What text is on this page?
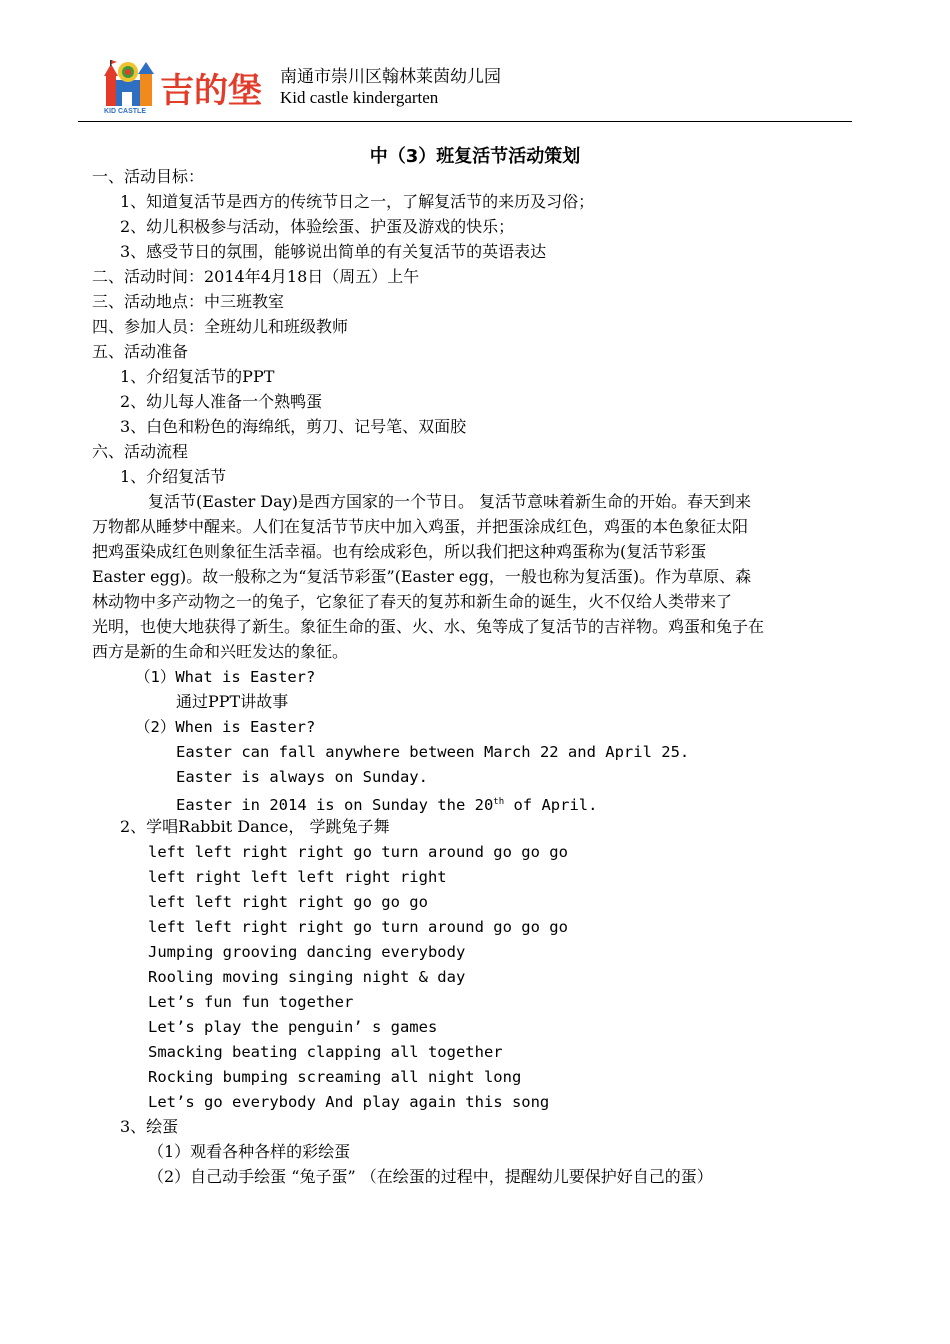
KID CASTLE
吉的堡 南通市崇川区翰林莱茵幼儿园
Kid castle kindergarten
中（3）班复活节活动策划
一、活动目标：
1、知道复活节是西方的传统节日之一，了解复活节的来历及习俗；
2、幼儿积极参与活动，体验绘蛋、护蛋及游戏的快乐；
3、感受节日的氛围，能够说出简单的有关复活节的英语表达
二、活动时间：2014年4月18日（周五）上午
三、活动地点：中三班教室
四、参加人员：全班幼儿和班级教师
五、活动准备
1、介绍复活节的PPT
2、幼儿每人准备一个熟鸭蛋
3、白色和粉色的海绵纸，剪刀、记号笔、双面胶
六、活动流程
1、介绍复活节
复活节(Easter Day)是西方国家的一个节日。 复活节意味着新生命的开始。春天到来
万物都从睡梦中醒来。人们在复活节节庆中加入鸡蛋，并把蛋涂成红色，鸡蛋的本色象征太阳
把鸡蛋染成红色则象征生活幸福。也有绘成彩色，所以我们把这种鸡蛋称为(复活节彩蛋
Easter egg)。故一般称之为“复活节彩蛋”(Easter egg，一般也称为复活蛋)。作为草原、森
林动物中多产动物之一的兔子，它象征了春天的复苏和新生命的诞生，火不仅给人类带来了
光明，也使大地获得了新生。象征生命的蛋、火、水、兔等成了复活节的吉祥物。鸡蛋和兔子在
西方是新的生命和兴旺发达的象征。
（1）What is Easter?
通过PPT讲故事
（2）When is Easter?
Easter can fall anywhere between March 22 and April 25.
Easter is always on Sunday.
Easter in 2014 is on Sunday the 20th of April.
2、学唱Rabbit Dance， 学跳兔子舞
left left right right go turn around go go go
left right left left right right
left left right right go go go
left left right right go turn around go go go
Jumping grooving dancing everybody
Rooling moving singing night & day
Let’s fun fun together
Let’s play the penguin’ s games
Smacking beating clapping all together
Rocking bumping screaming all night long
Let’s go everybody And play again this song
3、绘蛋
（1）观看各种各样的彩绘蛋
（2）自己动手绘蛋 “兔子蛋” （在绘蛋的过程中，提醒幼儿要保护好自己的蛋）
